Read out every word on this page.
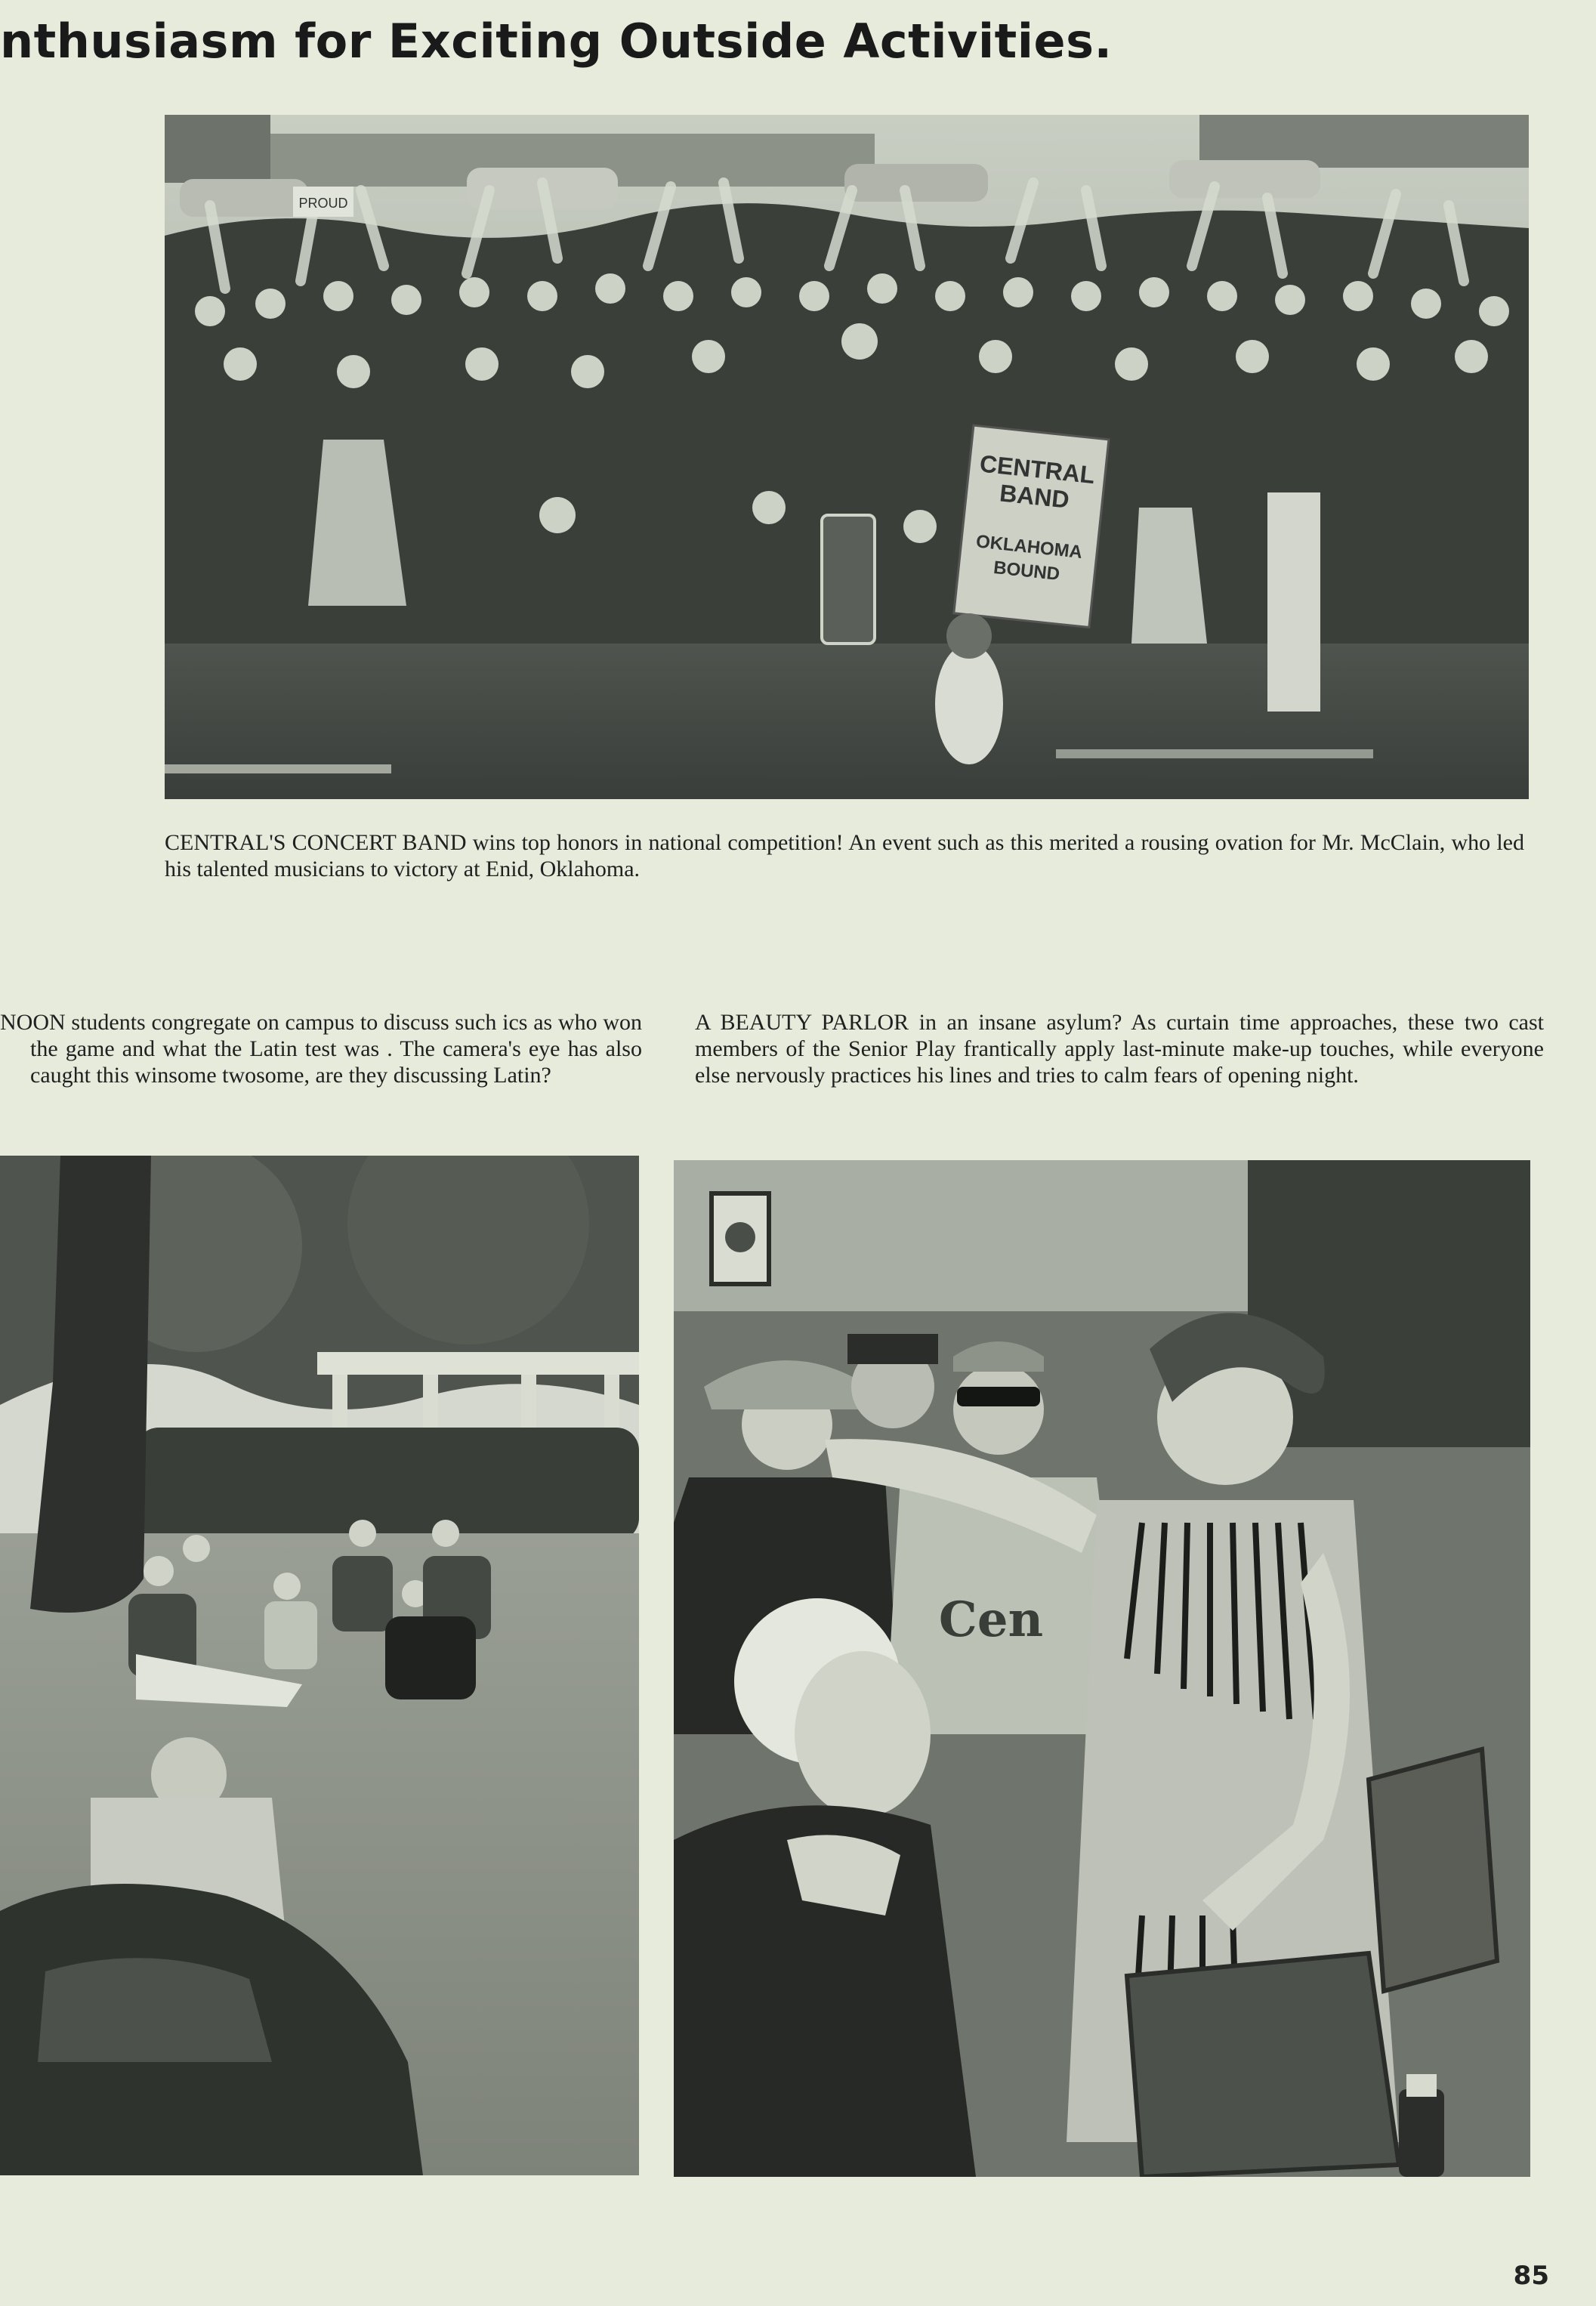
nthusiasm for Exciting Outside Activities.
PROUD
CENTRAL
BAND
OKLAHOMA
BOUND
CENTRAL'S CONCERT BAND wins top honors in national competition! An event such as this merited a rousing ovation for Mr. McClain, who led his talented musicians to victory at Enid, Oklahoma.
NOON students congregate on campus to discuss such ics as who won the game and what the Latin test was . The camera's eye has also caught this winsome twosome, are they discussing Latin?
A BEAUTY PARLOR in an insane asylum? As curtain time approaches, these two cast members of the Senior Play frantically apply last-minute make-up touches, while everyone else nervously practices his lines and tries to calm fears of opening night.
Cen
85
